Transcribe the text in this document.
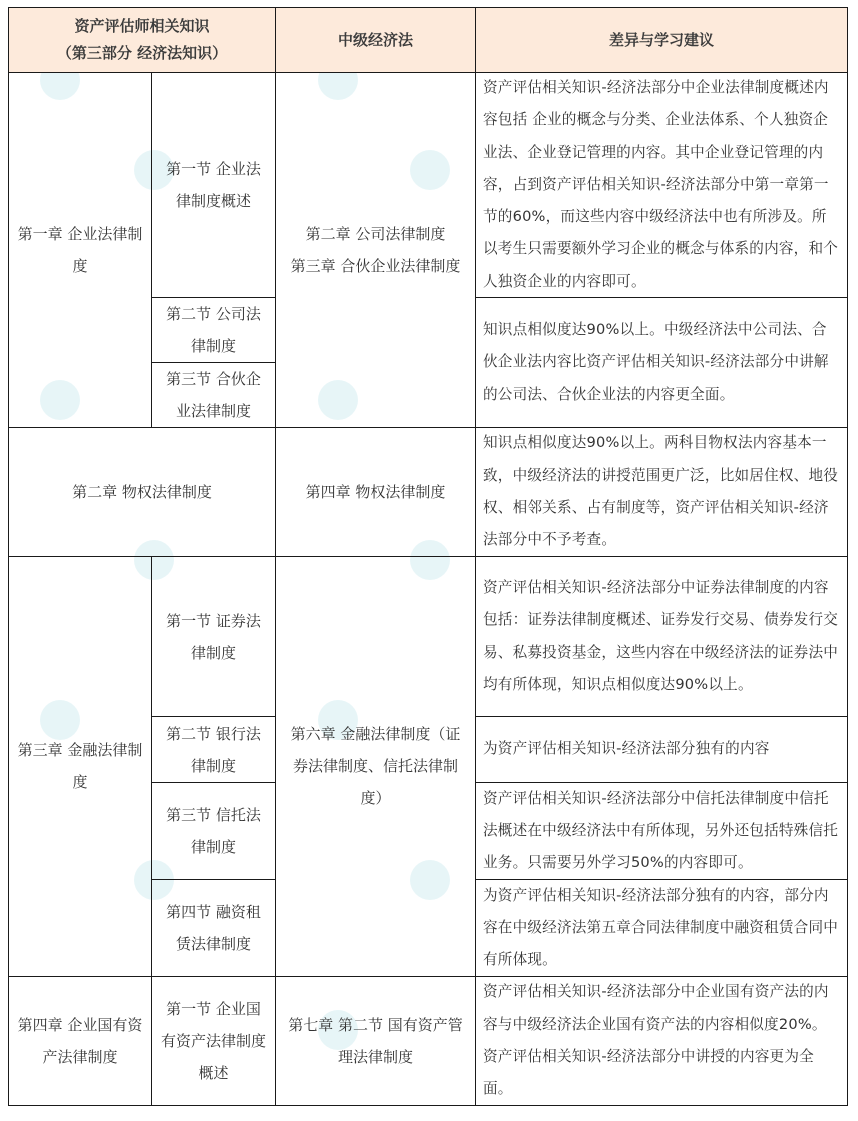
资产评估师相关知识
（第三部分 经济法知识）
中级经济法	差异与学习建议
第一章 企业法律制度
第一节 企业法律制度概述
第二节 公司法律制度
第三节 合伙企业法律制度
第二章 公司法律制度
第三章 合伙企业法律制度
资产评估相关知识-经济法部分中企业法律制度概述内容包括 企业的概念与分类、企业法体系、个人独资企业法、企业登记管理的内容。其中企业登记管理的内容，占到资产评估相关知识-经济法部分中第一章第一节的60%，而这些内容中级经济法中也有所涉及。所以考生只需要额外学习企业的概念与体系的内容，和个人独资企业的内容即可。
知识点相似度达90%以上。中级经济法中公司法、合伙企业法内容比资产评估相关知识-经济法部分中讲解的公司法、合伙企业法的内容更全面。
第二章 物权法律制度	第四章 物权法律制度
知识点相似度达90%以上。两科目物权法内容基本一致，中级经济法的讲授范围更广泛，比如居住权、地役权、相邻关系、占有制度等，资产评估相关知识-经济法部分中不予考查。
第三章 金融法律制度
第一节 证券法律制度
第二节 银行法律制度
第三节 信托法律制度
第四节 融资租赁法律制度
第六章 金融法律制度（证券法律制度、信托法律制度）
资产评估相关知识-经济法部分中证券法律制度的内容包括：证券法律制度概述、证券发行交易、债券发行交易、私募投资基金，这些内容在中级经济法的证券法中均有所体现，知识点相似度达90%以上。
为资产评估相关知识-经济法部分独有的内容
资产评估相关知识-经济法部分中信托法律制度中信托法概述在中级经济法中有所体现，另外还包括特殊信托业务。只需要另外学习50%的内容即可。
为资产评估相关知识-经济法部分独有的内容，部分内容在中级经济法第五章合同法律制度中融资租赁合同中有所体现。
第四章 企业国有资产法律制度
第一节 企业国有资产法律制度概述
第七章 第二节 国有资产管理法律制度
资产评估相关知识-经济法部分中企业国有资产法的内容与中级经济法企业国有资产法的内容相似度20%。资产评估相关知识-经济法部分中讲授的内容更为全面。
